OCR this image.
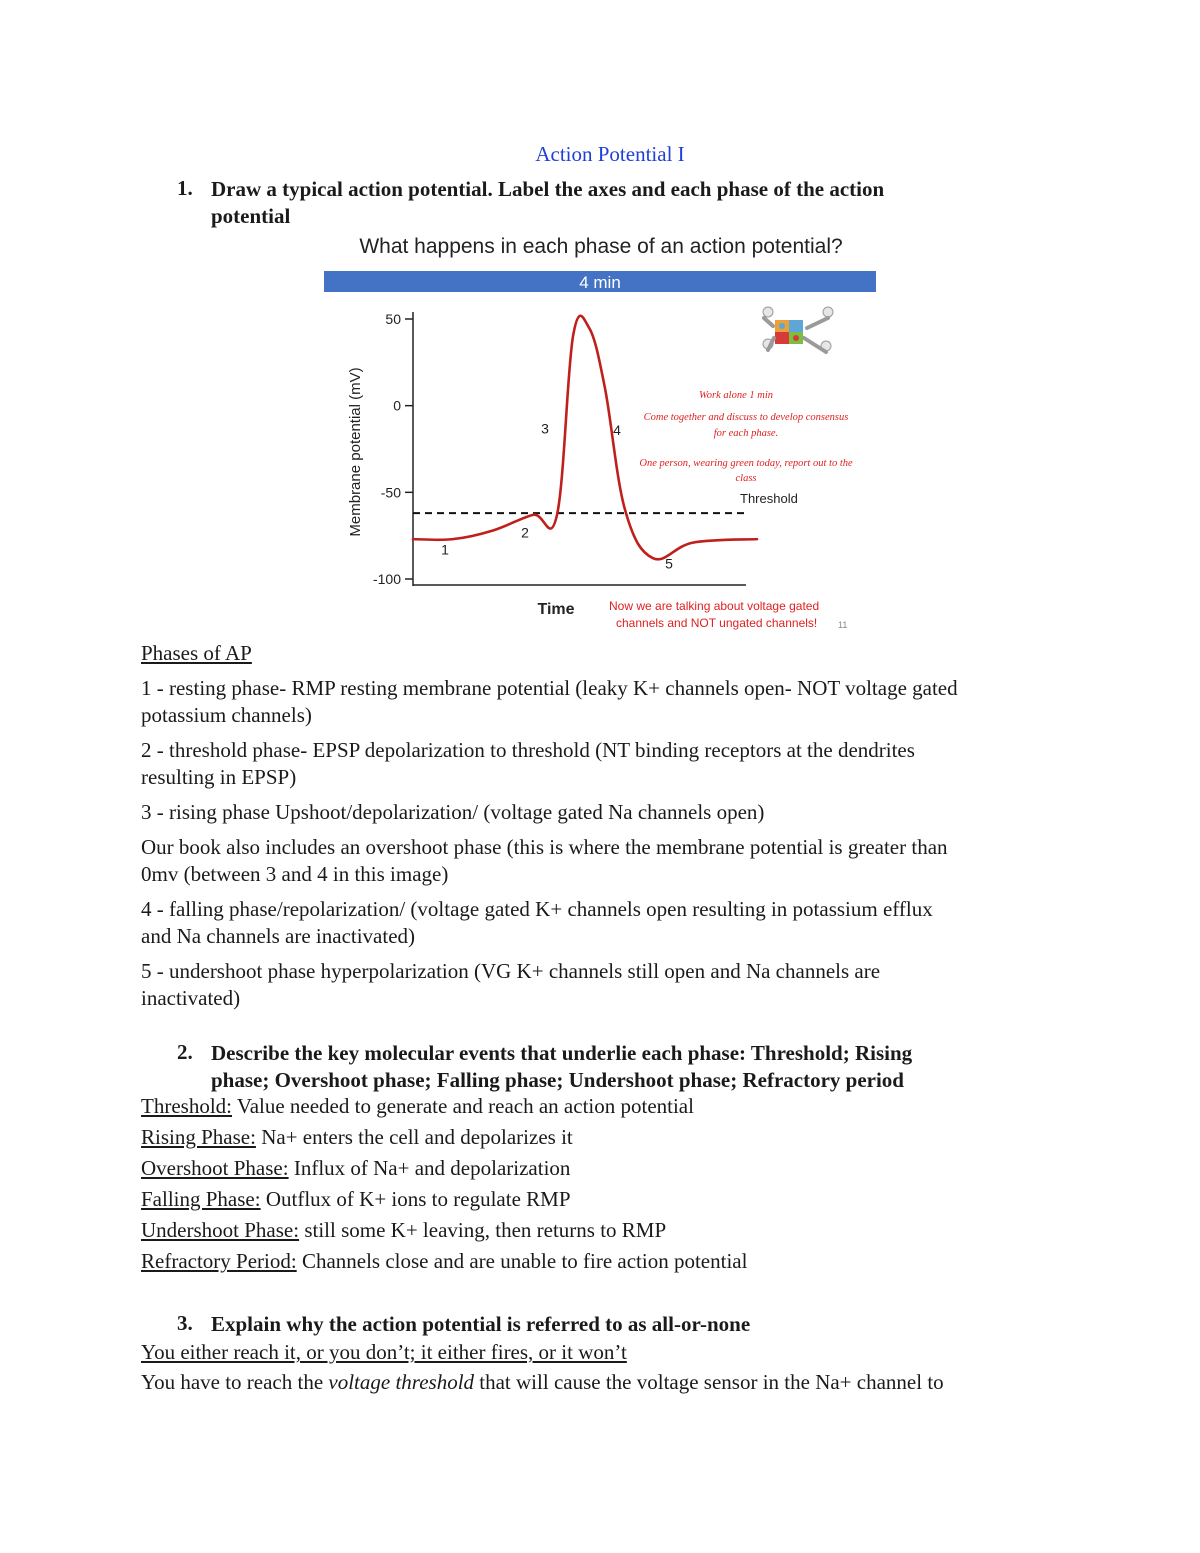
Action Potential I
1. Draw a typical action potential. Label the axes and each phase of the action
potential
What happens in each phase of an action potential?
4 min
50
0
-50
-100
Membrane potential (mV)
Time
Threshold
1
2
3	4
5
Work alone 1 min
Come together and discuss to develop consensus
for each phase.
One person, wearing green today, report out to the
class
Now we are talking about voltage gated
channels and NOT ungated channels! 11
Phases of AP
1 - resting phase- RMP resting membrane potential (leaky K+ channels open- NOT voltage gated
potassium channels)
2 - threshold phase- EPSP depolarization to threshold (NT binding receptors at the dendrites
resulting in EPSP)
3 - rising phase Upshoot/depolarization/ (voltage gated Na channels open)
Our book also includes an overshoot phase (this is where the membrane potential is greater than
0mv (between 3 and 4 in this image)
4 - falling phase/repolarization/ (voltage gated K+ channels open resulting in potassium efflux
and Na channels are inactivated)
5 - undershoot phase hyperpolarization (VG K+ channels still open and Na channels are
inactivated)
2. Describe the key molecular events that underlie each phase: Threshold; Rising
phase; Overshoot phase; Falling phase; Undershoot phase; Refractory period
Threshold: Value needed to generate and reach an action potential
Rising Phase: Na+ enters the cell and depolarizes it
Overshoot Phase: Influx of Na+ and depolarization
Falling Phase: Outflux of K+ ions to regulate RMP
Undershoot Phase: still some K+ leaving, then returns to RMP
Refractory Period: Channels close and are unable to fire action potential
3. Explain why the action potential is referred to as all-or-none
You either reach it, or you don’t; it either fires, or it won’t
You have to reach the voltage threshold that will cause the voltage sensor in the Na+ channel to
